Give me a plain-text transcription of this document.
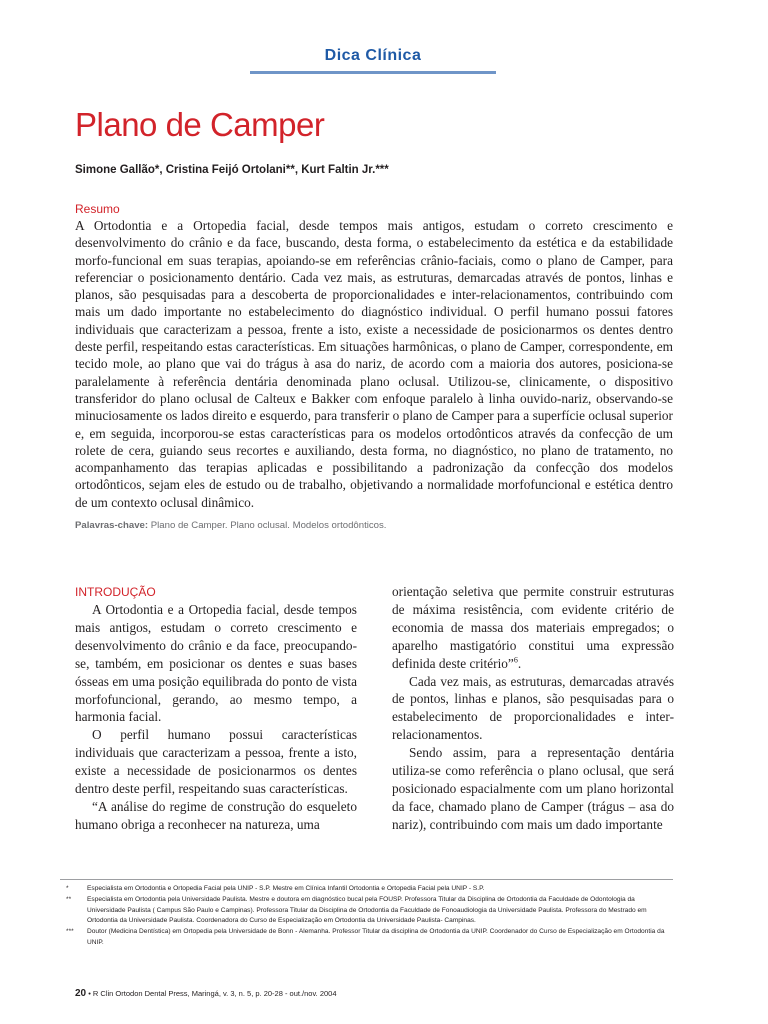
Dica Clínica
Plano de Camper
Simone Gallão*, Cristina Feijó Ortolani**, Kurt Faltin Jr.***
Resumo

A Ortodontia e a Ortopedia facial, desde tempos mais antigos, estudam o correto crescimento e desenvolvimento do crânio e da face, buscando, desta forma, o estabelecimento da estética e da estabilidade morfo-funcional em suas terapias, apoiando-se em referências crânio-faciais, como o plano de Camper, para referenciar o posicionamento dentário. Cada vez mais, as estruturas, demarcadas através de pontos, linhas e planos, são pesquisadas para a descoberta de proporcionalidades e inter-relacionamentos, contribuindo com mais um dado importante no estabelecimento do diagnóstico individual. O perfil humano possui fatores individuais que caracterizam a pessoa, frente a isto, existe a necessidade de posicionarmos os dentes dentro deste perfil, respeitando estas características. Em situações harmônicas, o plano de Camper, correspondente, em tecido mole, ao plano que vai do trágus à asa do nariz, de acordo com a maioria dos autores, posiciona-se paralelamente à referência dentária denominada plano oclusal. Utilizou-se, clinicamente, o dispositivo transferidor do plano oclusal de Calteux e Bakker com enfoque paralelo à linha ouvido-nariz, observando-se minuciosamente os lados direito e esquerdo, para transferir o plano de Camper para a superfície oclusal superior e, em seguida, incorporou-se estas características para os modelos ortodônticos através da confecção de um rolete de cera, guiando seus recortes e auxiliando, desta forma, no diagnóstico, no plano de tratamento, no acompanhamento das terapias aplicadas e possibilitando a padronização da confecção dos modelos ortodônticos, sejam eles de estudo ou de trabalho, objetivando a normalidade morfofuncional e estética dentro de um contexto oclusal dinâmico.

Palavras-chave: Plano de Camper. Plano oclusal. Modelos ortodônticos.
INTRODUÇÃO

A Ortodontia e a Ortopedia facial, desde tempos mais antigos, estudam o correto crescimento e desenvolvimento do crânio e da face, preocupando-se, também, em posicionar os dentes e suas bases ósseas em uma posição equilibrada do ponto de vista morfofuncional, gerando, ao mesmo tempo, a harmonia facial.

O perfil humano possui características individuais que caracterizam a pessoa, frente a isto, existe a necessidade de posicionarmos os dentes dentro deste perfil, respeitando suas características.

“A análise do regime de construção do esqueleto humano obriga a reconhecer na natureza, uma

orientação seletiva que permite construir estruturas de máxima resistência, com evidente critério de economia de massa dos materiais empregados; o aparelho mastigatório constitui uma expressão definida deste critério”$^6$.

Cada vez mais, as estruturas, demarcadas através de pontos, linhas e planos, são pesquisadas para o estabelecimento de proporcionalidades e inter-relacionamentos.

Sendo assim, para a representação dentária utiliza-se como referência o plano oclusal, que será posicionado espacialmente com um plano horizontal da face, chamado plano de Camper (trágus – asa do nariz), contribuindo com mais um dado importante

*	Especialista em Ortodontia e Ortopedia Facial pela UNIP - S.P. Mestre em Clínica Infantil Ortodontia e Ortopedia Facial pela UNIP - S.P.
**	Especialista em Ortodontia pela Universidade Paulista. Mestre e doutora em diagnóstico bucal pela FOUSP. Professora Titular da Disciplina de Ortodontia da Faculdade de Odontologia da Universidade Paulista ( Campus São Paulo e Campinas). Professora Titular da Disciplina de Ortodontia da Faculdade de Fonoaudiologia da Universidade Paulista. Professora do Mestrado em Ortodontia da Universidade Paulista. Coordenadora do Curso de Especialização em Ortodontia da Universidade Paulista- Campinas.
***	Doutor (Medicina Dentística) em Ortopedia pela Universidade de Bonn - Alemanha. Professor Titular da disciplina de Ortodontia da UNIP. Coordenador do Curso de Especialização em Ortodontia da UNIP.
20 • R Clin Ortodon Dental Press, Maringá, v. 3, n. 5, p. 20-28 - out./nov. 2004
